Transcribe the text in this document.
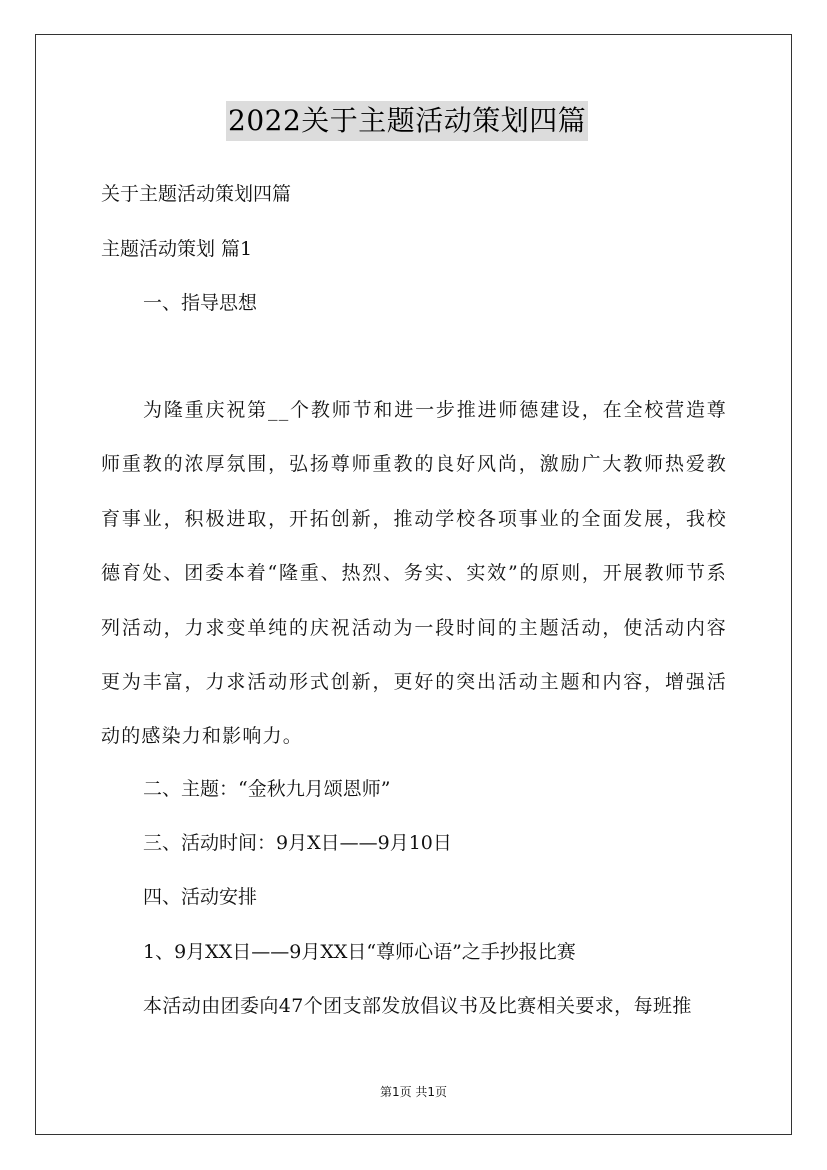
2022关于主题活动策划四篇
关于主题活动策划四篇
主题活动策划 篇1
一、指导思想
为隆重庆祝第__个教师节和进一步推进师德建设，在全校营造尊师重教的浓厚氛围，弘扬尊师重教的良好风尚，激励广大教师热爱教育事业，积极进取，开拓创新，推动学校各项事业的全面发展，我校德育处、团委本着“隆重、热烈、务实、实效”的原则，开展教师节系列活动，力求变单纯的庆祝活动为一段时间的主题活动，使活动内容更为丰富，力求活动形式创新，更好的突出活动主题和内容，增强活动的感染力和影响力。
二、主题：“金秋九月颂恩师”
三、活动时间：9月X日——9月10日
四、活动安排
1、9月XX日——9月XX日“尊师心语”之手抄报比赛
本活动由团委向47个团支部发放倡议书及比赛相关要求，每班推
第1页 共1页
